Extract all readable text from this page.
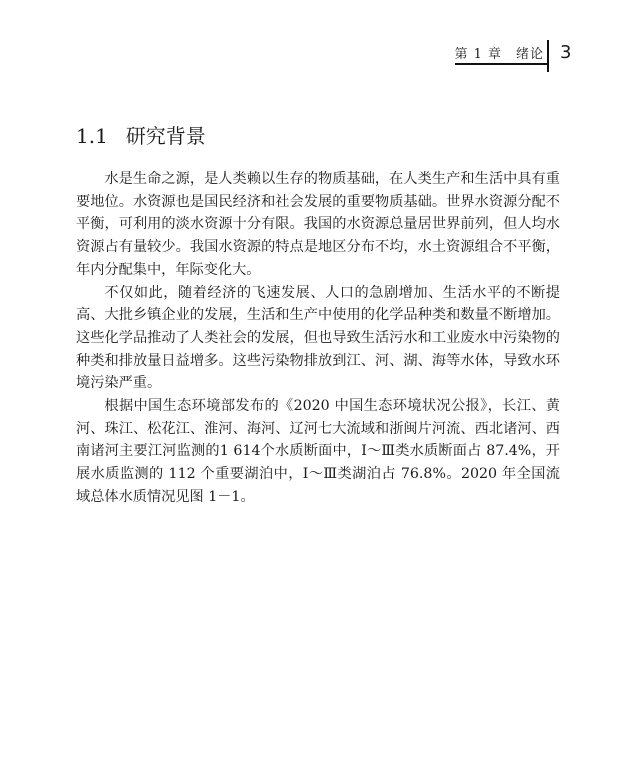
第 1 章　绪论 3
1.1 研究背景

水是生命之源，是人类赖以生存的物质基础，在人类生产和生活中具有重要地位。水资源也是国民经济和社会发展的重要物质基础。世界水资源分配不平衡，可利用的淡水资源十分有限。我国的水资源总量居世界前列，但人均水资源占有量较少。我国水资源的特点是地区分布不均，水土资源组合不平衡，年内分配集中，年际变化大。

不仅如此，随着经济的飞速发展、人口的急剧增加、生活水平的不断提高、大批乡镇企业的发展，生活和生产中使用的化学品种类和数量不断增加。这些化学品推动了人类社会的发展，但也导致生活污水和工业废水中污染物的种类和排放量日益增多。这些污染物排放到江、河、湖、海等水体，导致水环境污染严重。

根据中国生态环境部发布的《2020 中国生态环境状况公报》，长江、黄河、珠江、松花江、淮河、海河、辽河七大流域和浙闽片河流、西北诸河、西南诸河主要江河监测的1 614个水质断面中，Ⅰ～Ⅲ类水质断面占 87.4%，开展水质监测的 112 个重要湖泊中，Ⅰ～Ⅲ类湖泊占 76.8%。2020 年全国流域总体水质情况见图 1－1。
